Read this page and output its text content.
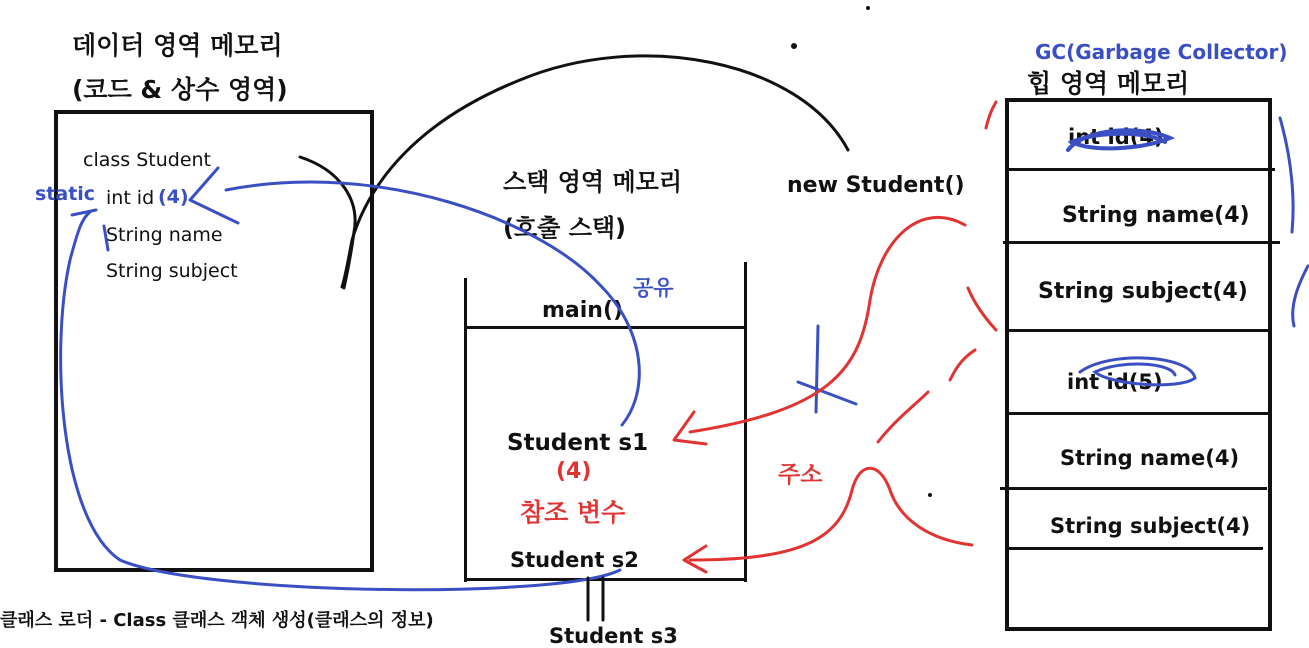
데이터 영역 메모리
(코드 & 상수 영역)
class Student
static int id (4)
String name
String subject
클래스 로더 - Class 클래스 객체 생성(클래스의 정보)
스택 영역 메모리
(호출 스택)
공유
main()
Student s1
(4)
참조 변수
Student s2
Student s3
new Student()
주소
GC(Garbage Collector)
힙 영역 메모리
int id(4)
String name(4)
String subject(4)
int id(5)
String name(4)
String subject(4)
